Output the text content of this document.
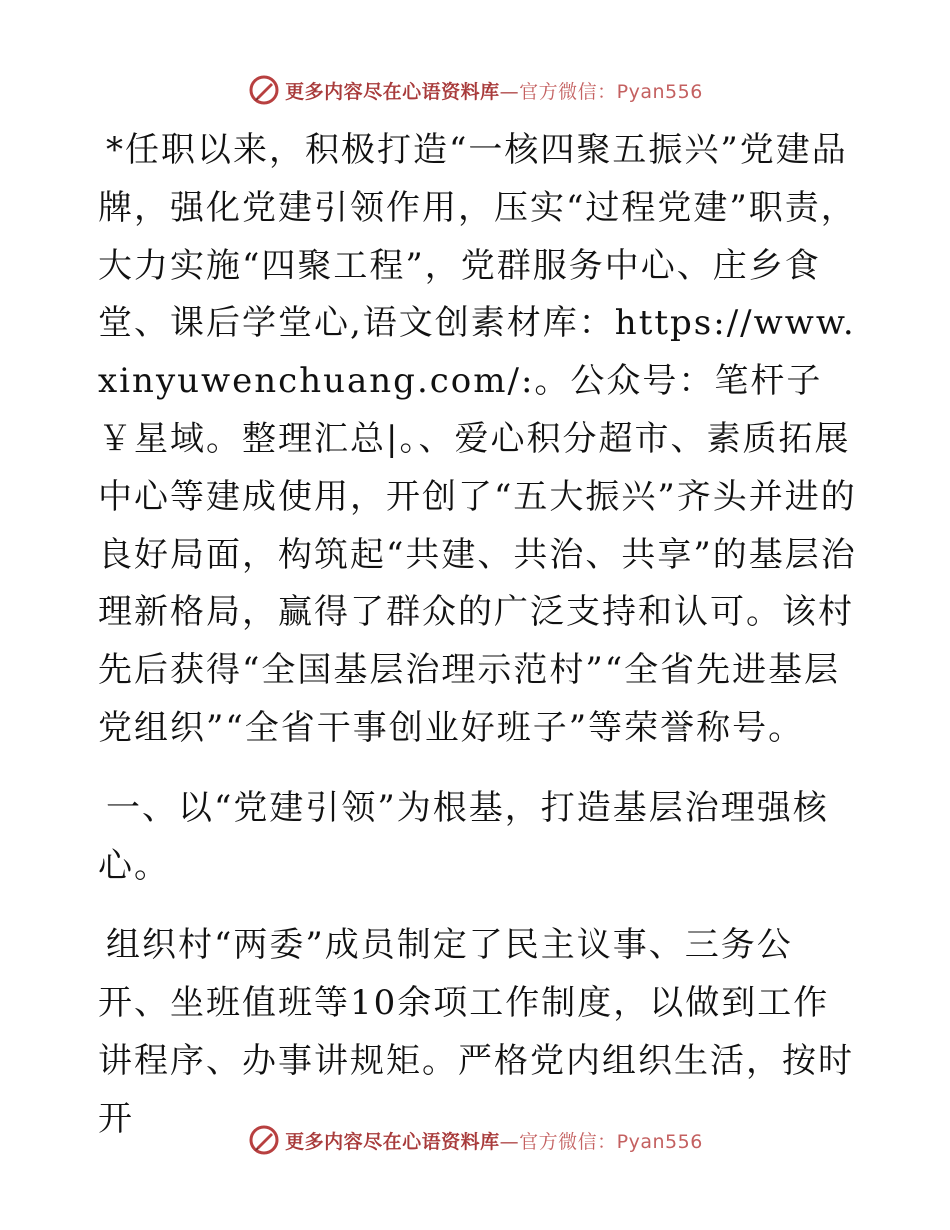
更多内容尽在心语资料库—官方微信：Pyan556

*任职以来，积极打造“一核四聚五振兴”党建品牌，强化党建引领作用，压实“过程党建”职责，大力实施“四聚工程”，党群服务中心、庄乡食堂、课后学堂心,语文创素材库：https://www.xinyuwenchuang.com/:。公众号：笔杆子￥星域。整理汇总|。、爱心积分超市、素质拓展中心等建成使用，开创了“五大振兴”齐头并进的良好局面，构筑起“共建、共治、共享”的基层治理新格局，赢得了群众的广泛支持和认可。该村先后获得“全国基层治理示范村”“全省先进基层党组织”“全省干事创业好班子”等荣誉称号。

一、以“党建引领”为根基，打造基层治理强核心。

组织村“两委”成员制定了民主议事、三务公开、坐班值班等10余项工作制度，以做到工作讲程序、办事讲规矩。严格党内组织生活，按时开

更多内容尽在心语资料库—官方微信：Pyan556
